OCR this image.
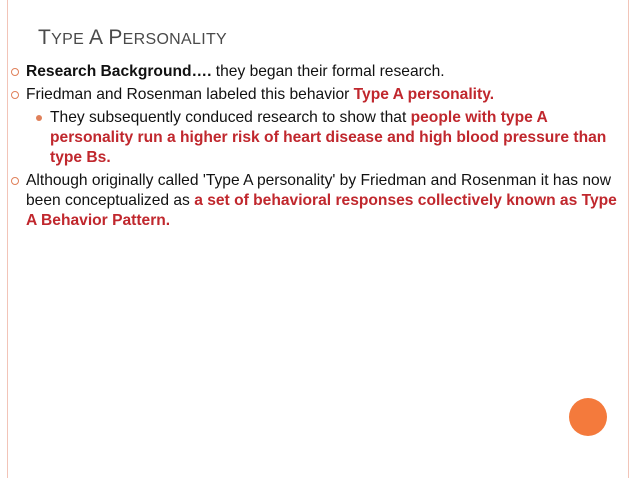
TYPE A PERSONALITY
Research Background…. they began their formal research.
Friedman and Rosenman labeled this behavior Type A personality.
They subsequently conduced research to show that people with type A personality run a higher risk of heart disease and high blood pressure than type Bs.
Although originally called 'Type A personality' by Friedman and Rosenman it has now been conceptualized as a set of behavioral responses collectively known as Type A Behavior Pattern.
